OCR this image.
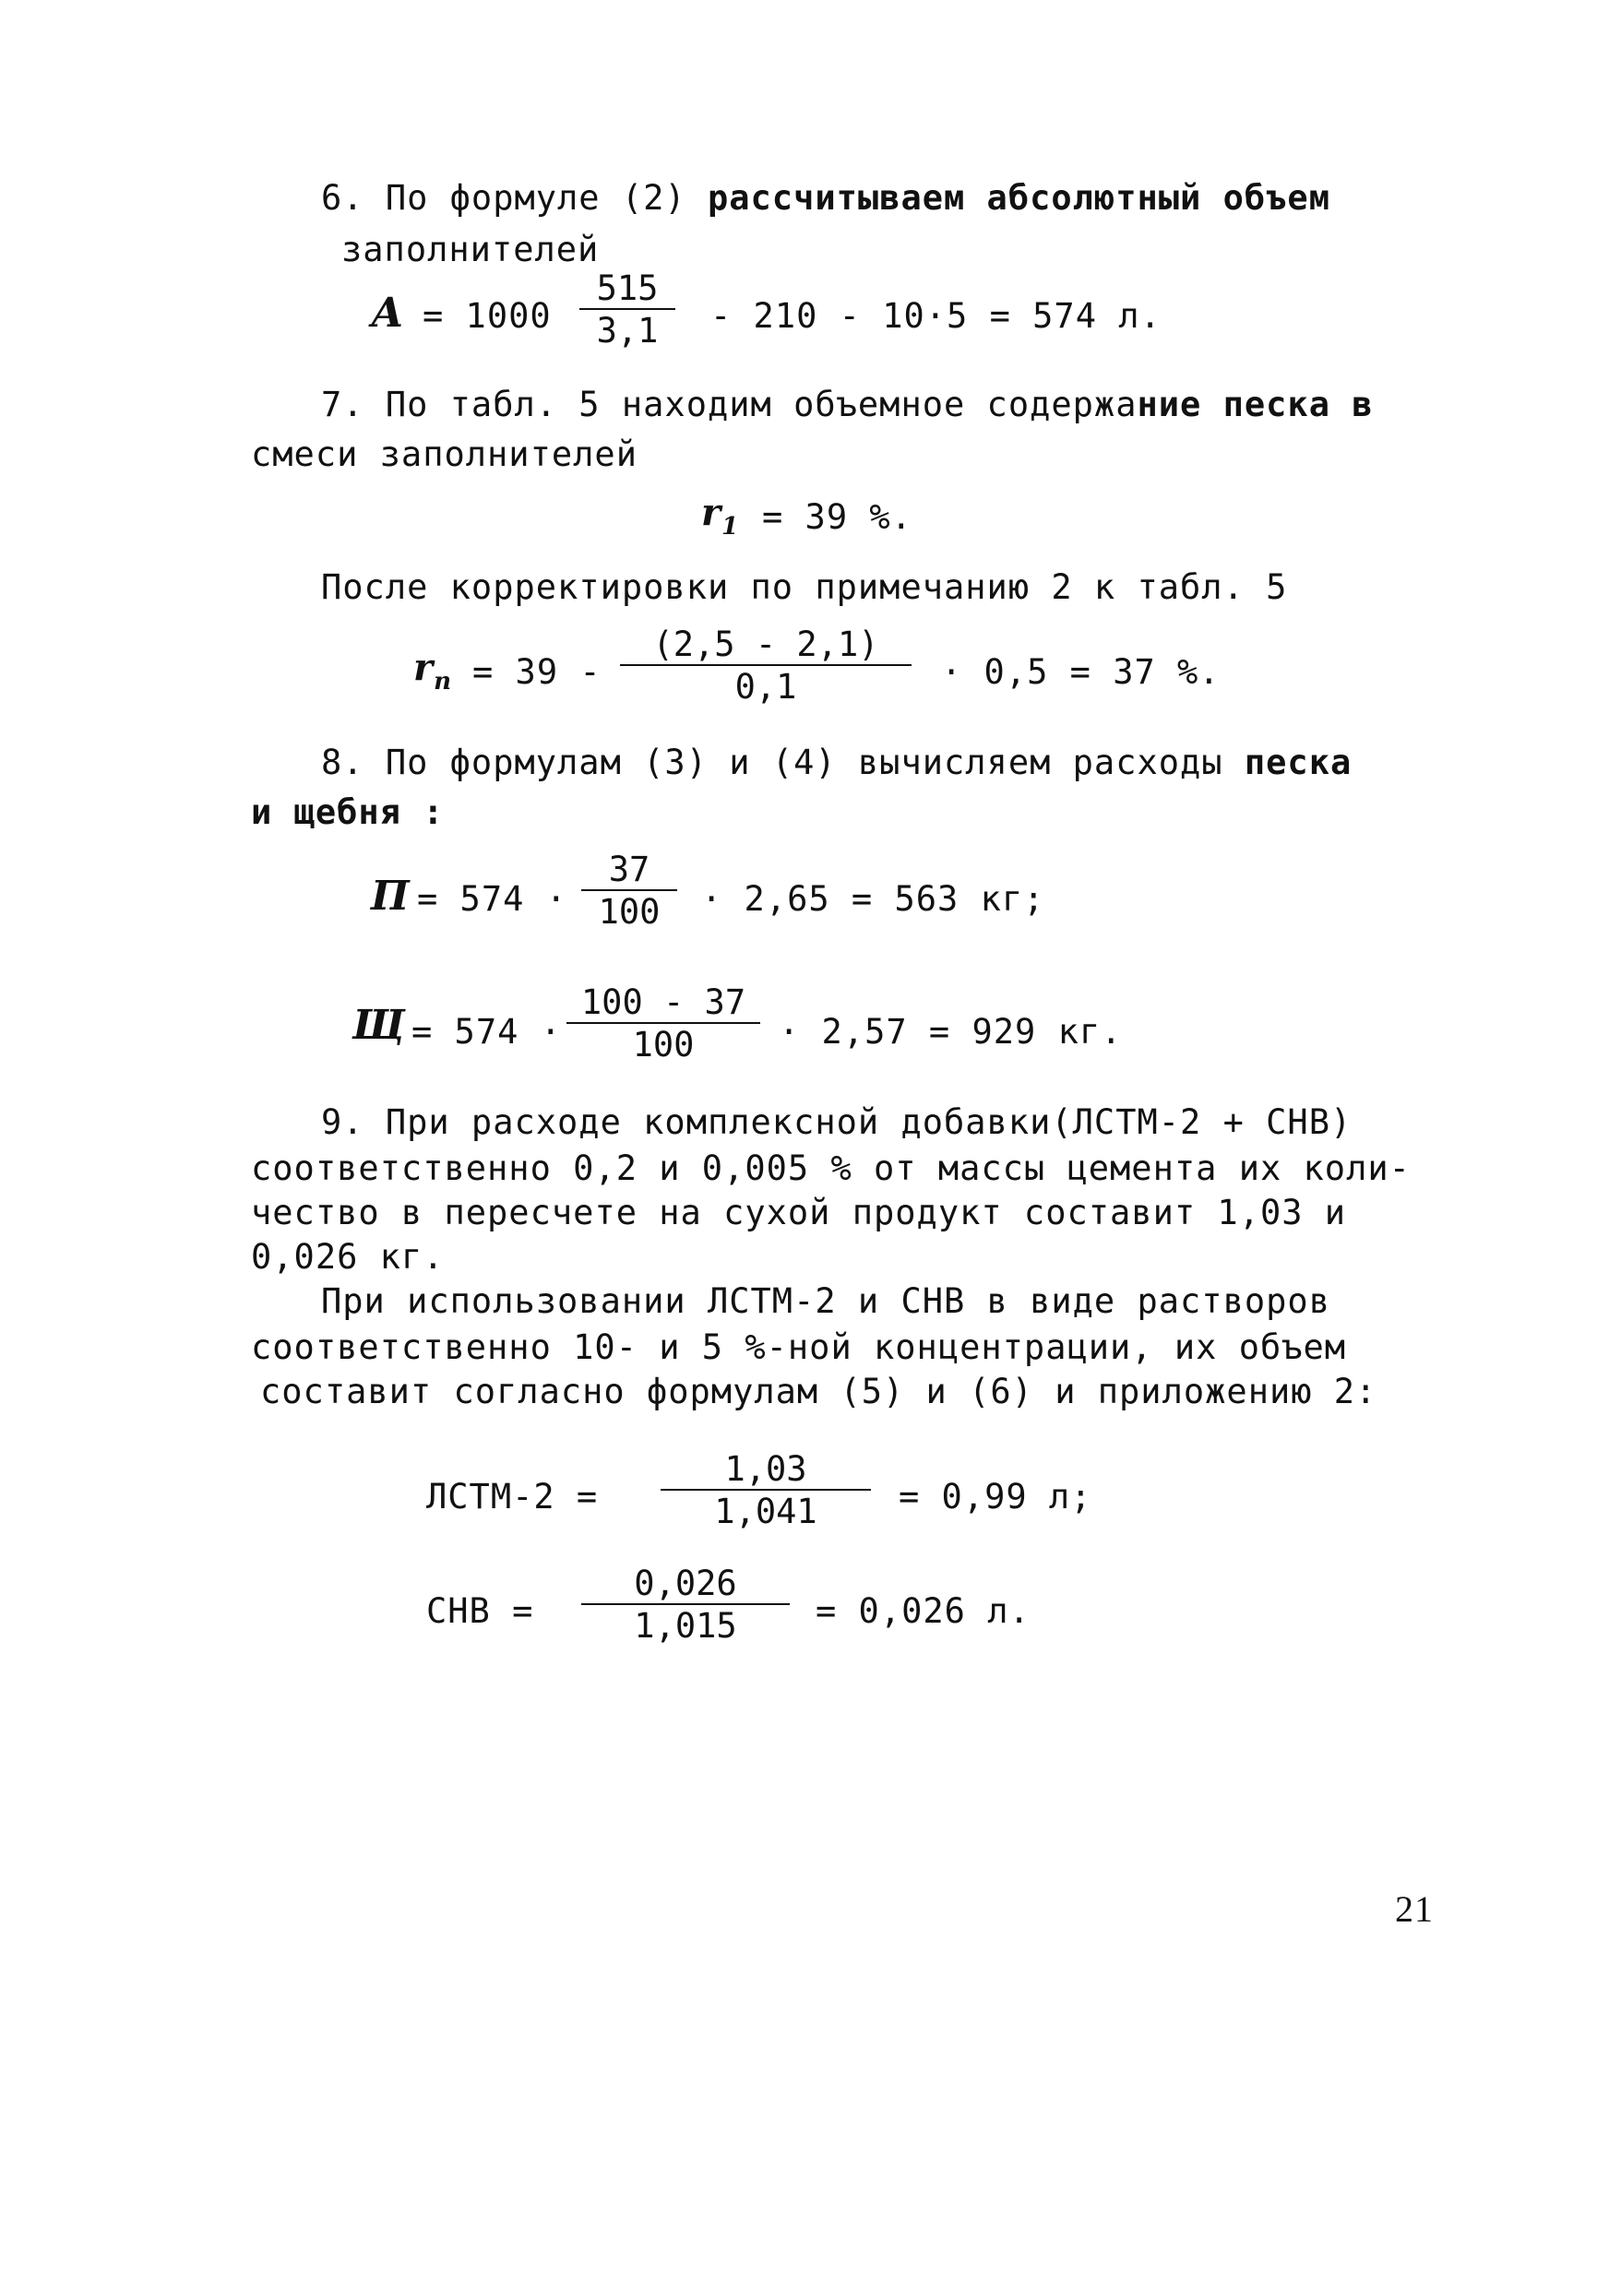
6. По формуле (2) рассчитываем абсолютный объем
заполнителей
А = 1000
515
3,1	- 210 - 10·5 = 574 л.
7. По табл. 5 находим объемное содержание песка в
смеси заполнителей
$r_1 = 39$ %.
После корректировки по примечанию 2 к табл. 5
$r_п = 39$ -
(2,5 - 2,1)
0,1	· 0,5 = 37 %.
8. По формулам (3) и (4) вычисляем расходы песка
и щебня :
П = 574 ·
37
100	· 2,65 = 563 кг;
Щ = 574 ·
100 - 37
100	· 2,57 = 929 кг.
9. При расходе комплексной добавки(ЛСТМ-2 + СНВ)
соответственно 0,2 и 0,005 % от массы цемента их коли-
чество в пересчете на сухой продукт составит 1,03 и
0,026 кг.
При использовании ЛСТМ-2 и СНВ в виде растворов
соответственно 10- и 5 %-ной концентрации, их объем
составит согласно формулам (5) и (6) и приложению 2:
ЛСТМ-2 =
1,03
1,041	= 0,99 л;
СНВ =
0,026
1,015	= 0,026 л.
21
